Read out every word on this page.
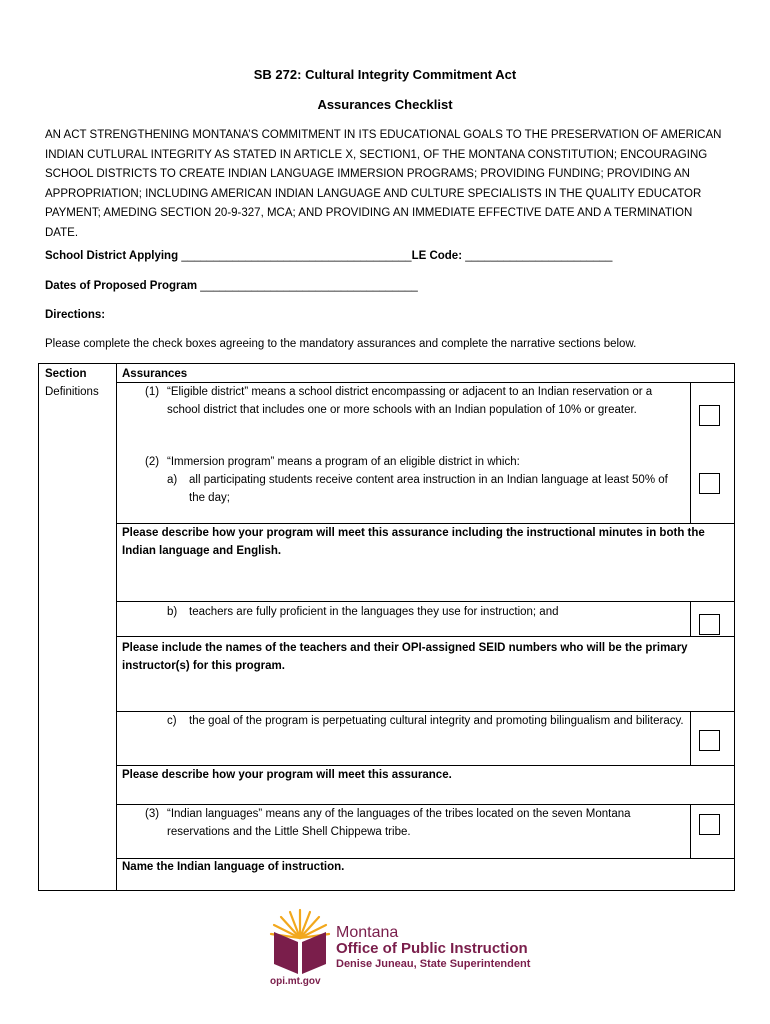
SB 272: Cultural Integrity Commitment Act
Assurances Checklist
AN ACT STRENGTHENING MONTANA’S COMMITMENT IN ITS EDUCATIONAL GOALS TO THE PRESERVATION OF AMERICAN INDIAN CUTLURAL INTEGRITY AS STATED IN ARTICLE X, SECTION1, OF THE MONTANA CONSTITUTION; ENCOURAGING SCHOOL DISTRICTS TO CREATE INDIAN LANGUAGE IMMERSION PROGRAMS; PROVIDING FUNDING; PROVIDING AN APPROPRIATION; INCLUDING AMERICAN INDIAN LANGUAGE AND CULTURE SPECIALISTS IN THE QUALITY EDUCATOR PAYMENT; AMEDING SECTION 20-9-327, MCA; AND PROVIDING AN IMMEDIATE EFFECTIVE DATE AND A TERMINATION DATE.
School District Applying ____________________________________LE Code: _______________________
Dates of Proposed Program __________________________________
Directions:
Please complete the check boxes agreeing to the mandatory assurances and complete the narrative sections below.
Section	Assurances
Definitions	(1) “Eligible district” means a school district encompassing or adjacent to an Indian reservation or a school district that includes one or more schools with an Indian population of 10% or greater.
(2) “Immersion program” means a program of an eligible district in which:
a) all participating students receive content area instruction in an Indian language at least 50% of the day;
Please describe how your program will meet this assurance including the instructional minutes in both the Indian language and English.
b) teachers are fully proficient in the languages they use for instruction; and
Please include the names of the teachers and their OPI-assigned SEID numbers who will be the primary instructor(s) for this program.
c) the goal of the program is perpetuating cultural integrity and promoting bilingualism and biliteracy.
Please describe how your program will meet this assurance.
(3) “Indian languages” means any of the languages of the tribes located on the seven Montana reservations and the Little Shell Chippewa tribe.
Name the Indian language of instruction.
Montana
Office of Public Instruction
Denise Juneau, State Superintendent
opi.mt.gov
